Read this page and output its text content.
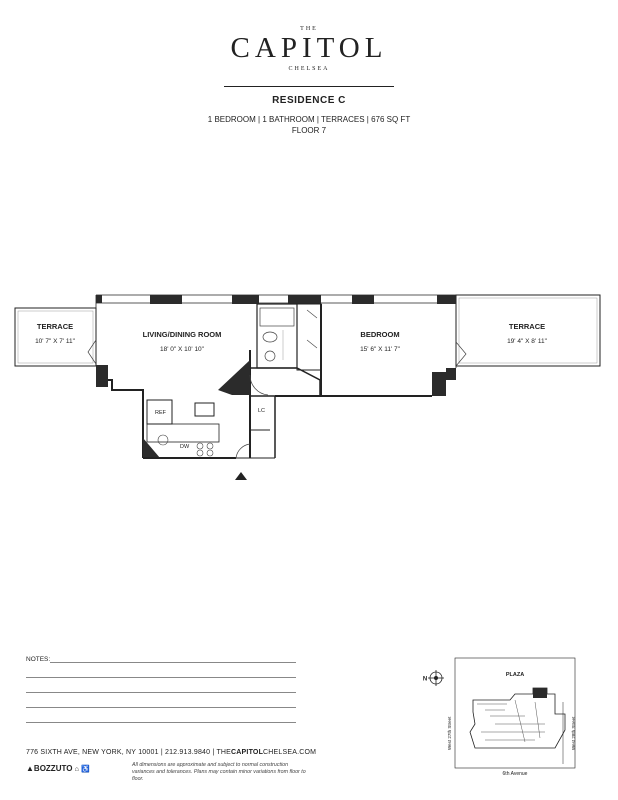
THE
CAPITOL
CHELSEA
RESIDENCE C
1 BEDROOM | 1 BATHROOM | TERRACES | 676 SQ FT
FLOOR 7
TERRACE
10' 7" X 7' 11"
LIVING/DINING ROOM
18' 0" X 10' 10"
BEDROOM
15' 6" X 11' 7"
TERRACE
19' 4" X 8' 11"
REF
DW
LC
NOTES:
776 SIXTH AVE, NEW YORK, NY 10001 | 212.913.9840 | THECAPITOLCHELSEA.COM
▲BOZZUTO ⌂ ♿
All dimensions are approximate and subject to normal construction variances and tolerances. Plans may contain minor variations from floor to floor.
N
PLAZA
6th Avenue
West 27th Street	West 28th Street
